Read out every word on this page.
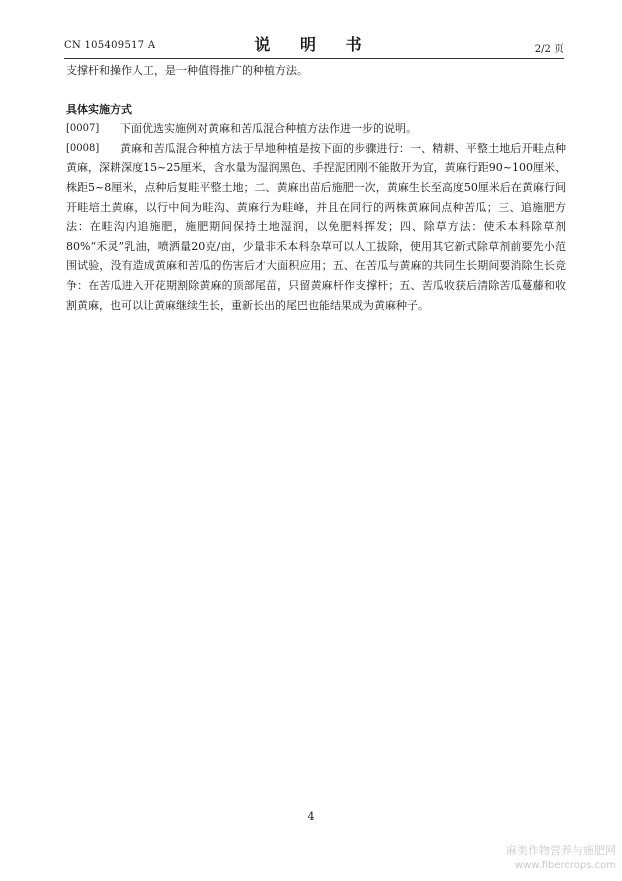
CN 105409517 A	说 明 书	2/2 页

支撑杆和操作人工，是一种值得推广的种植方法。

具体实施方式

[0007]	下面优选实施例对黄麻和苦瓜混合种植方法作进一步的说明。

[0008]	黄麻和苦瓜混合种植方法于旱地种植是按下面的步骤进行：一、精耕、平整土地后开畦点种黄麻，深耕深度15~25厘米，含水量为湿润黑色、手捏泥团刚不能散开为宜，黄麻行距90~100厘米、株距5~8厘米，点种后复畦平整土地；二、黄麻出苗后施肥一次，黄麻生长至高度50厘米后在黄麻行间开畦培土黄麻，以行中间为畦沟、黄麻行为畦峰，并且在同行的两株黄麻间点种苦瓜；三、追施肥方法：在畦沟内追施肥，施肥期间保持土地湿润，以免肥料挥发；四、除草方法：使禾本科除草剂80%“禾灵”乳油，喷洒量20克/亩，少量非禾本科杂草可以人工拔除，使用其它新式除草剂前要先小范围试验，没有造成黄麻和苦瓜的伤害后才大面积应用；五、在苦瓜与黄麻的共同生长期间要消除生长竞争：在苦瓜进入开花期割除黄麻的顶部尾苗，只留黄麻杆作支撑杆；五、苦瓜收获后清除苦瓜蔓藤和收割黄麻，也可以让黄麻继续生长，重新长出的尾巴也能结果成为黄麻种子。

4
麻类作物营养与施肥网
www.fibercrops.com
